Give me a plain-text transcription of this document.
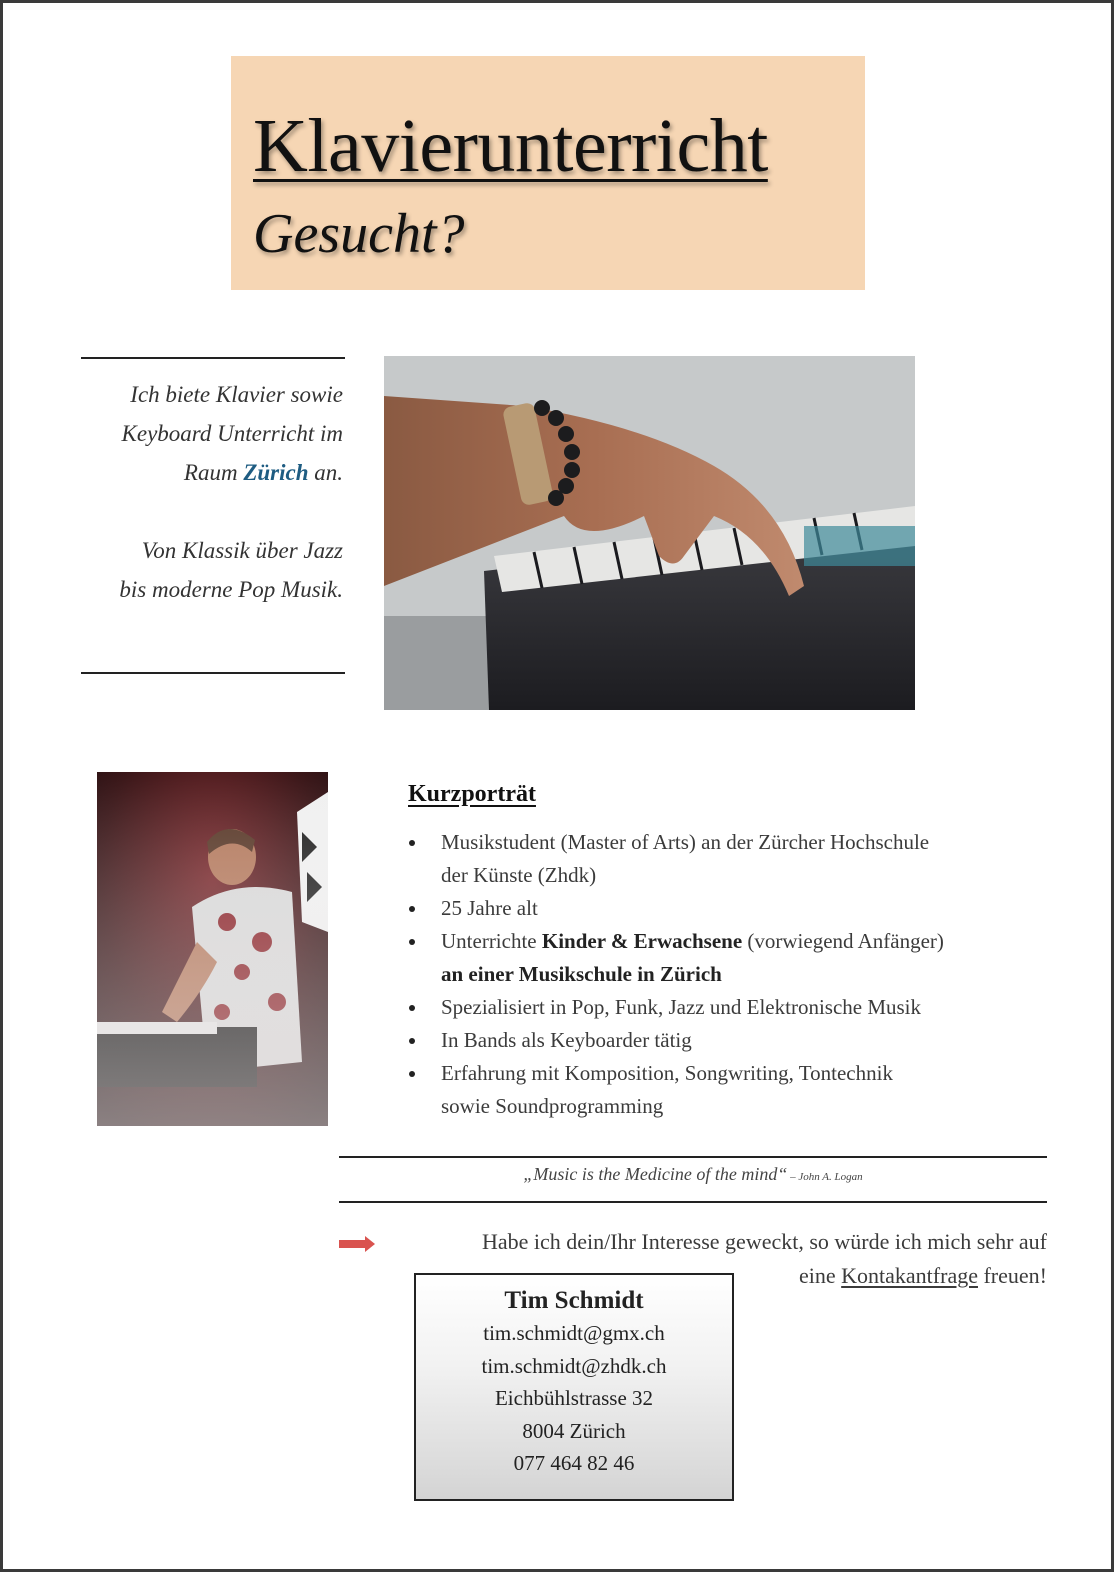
Klavierunterricht
Gesucht?

Ich biete Klavier sowie

Keyboard Unterricht im

Raum Zürich an.

Von Klassik über Jazz

bis moderne Pop Musik.

Kurzporträt
Musikstudent (Master of Arts) an der Zürcher Hochschule
der Künste (Zhdk)
25 Jahre alt
Unterrichte Kinder & Erwachsene (vorwiegend Anfänger)
an einer Musikschule in Zürich
Spezialisiert in Pop, Funk, Jazz und Elektronische Musik
In Bands als Keyboarder tätig
Erfahrung mit Komposition, Songwriting, Tontechnik
sowie Soundprogramming
„Music is the Medicine of the mind“ – John A. Logan
Habe ich dein/Ihr Interesse geweckt, so würde ich mich sehr auf
eine Kontakantfrage freuen!
Tim Schmidt
tim.schmidt@gmx.ch
tim.schmidt@zhdk.ch
Eichbühlstrasse 32
8004 Zürich
077 464 82 46
